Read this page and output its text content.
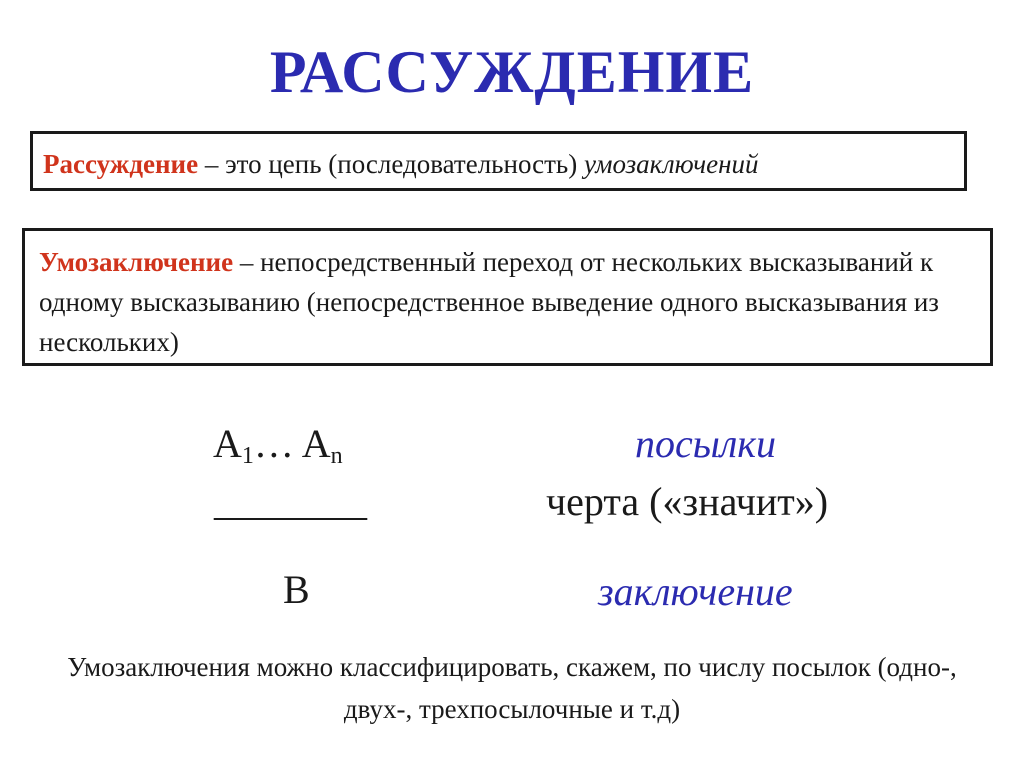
РАССУЖДЕНИЕ
Рассуждение – это цепь (последовательность) умозаключений
Умозаключение – непосредственный переход от нескольких высказываний к одному высказыванию (непосредственное выведение одного высказывания из нескольких)
$A_1\dots$ $A_n$
________
B
посылки
черта («значит»)
заключение
Умозаключения можно классифицировать, скажем, по числу посылок (одно-, двух-, трехпосылочные и т.д)
